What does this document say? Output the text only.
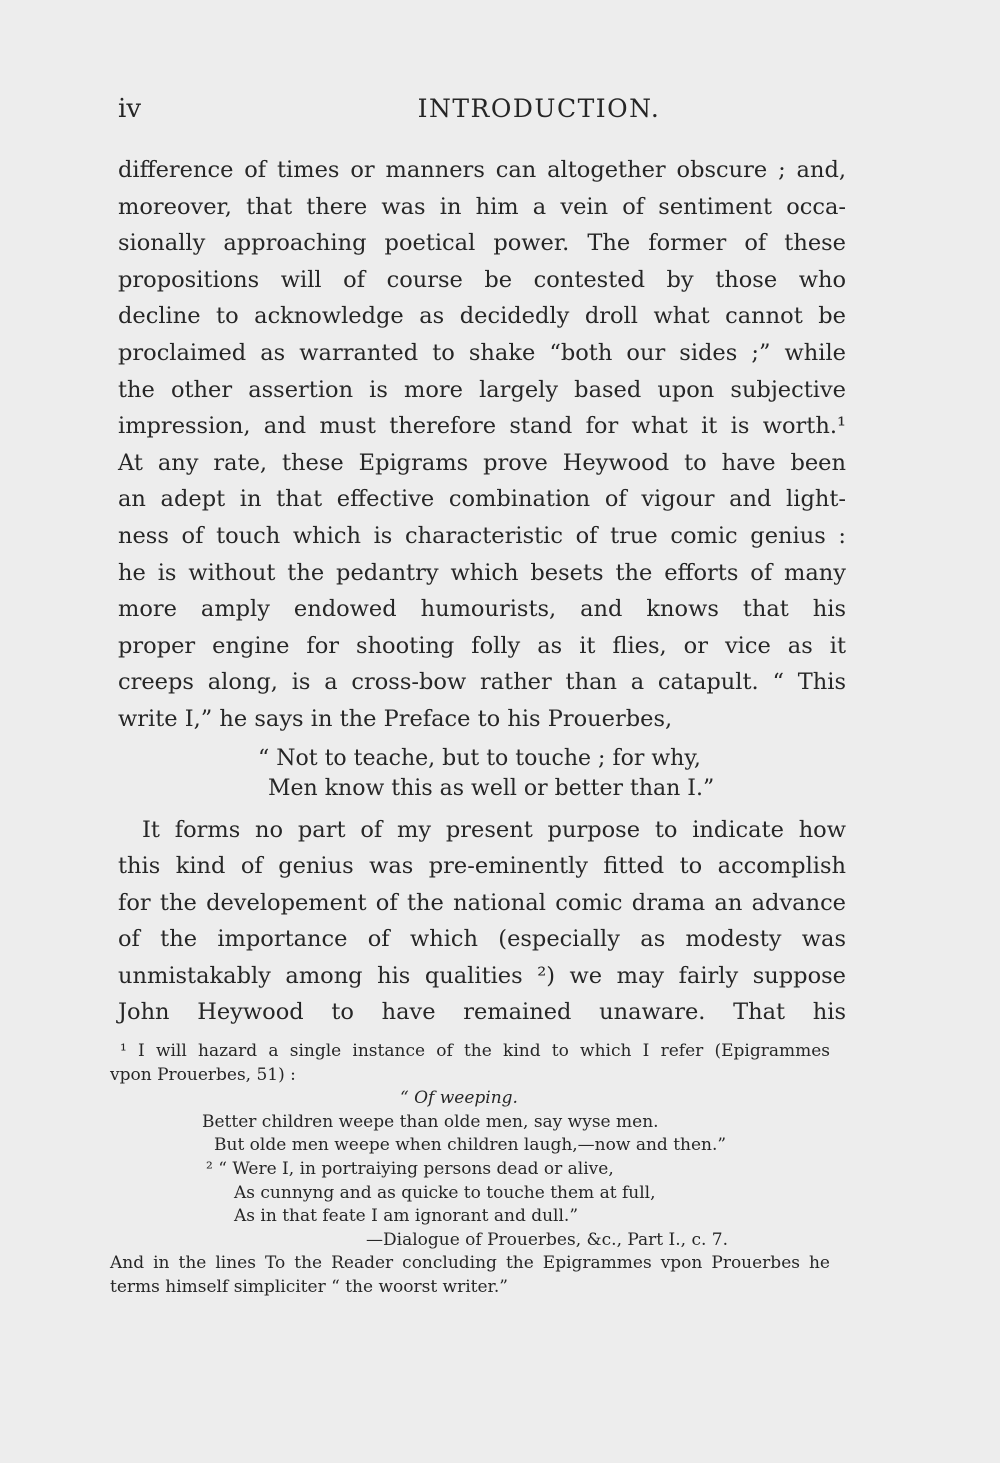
iv	INTRODUCTION.
difference of times or manners can altogether obscure ; and,
moreover, that there was in him a vein of sentiment occa-
sionally approaching poetical power. The former of these
propositions will of course be contested by those who
decline to acknowledge as decidedly droll what cannot be
proclaimed as warranted to shake “both our sides ;” while
the other assertion is more largely based upon subjective
impression, and must therefore stand for what it is worth.¹
At any rate, these Epigrams prove Heywood to have been
an adept in that effective combination of vigour and light-
ness of touch which is characteristic of true comic genius :
he is without the pedantry which besets the efforts of many
more amply endowed humourists, and knows that his
proper engine for shooting folly as it flies, or vice as it
creeps along, is a cross-bow rather than a catapult. “ This
write I,” he says in the Preface to his Prouerbes,
“ Not to teache, but to touche ; for why,
Men know this as well or better than I.”
It forms no part of my present purpose to indicate how
this kind of genius was pre-eminently fitted to accomplish
for the developement of the national comic drama an advance
of the importance of which (especially as modesty was
unmistakably among his qualities ²) we may fairly suppose
John Heywood to have remained unaware. That his
¹ I will hazard a single instance of the kind to which I refer (Epigrammes
vpon Prouerbes, 51) :
“ Of weeping.
Better children weepe than olde men, say wyse men.
But olde men weepe when children laugh,—now and then.”
² “ Were I, in portraiying persons dead or alive,
As cunnyng and as quicke to touche them at full,
As in that feate I am ignorant and dull.”
—Dialogue of Prouerbes, &c., Part I., c. 7.
And in the lines To the Reader concluding the Epigrammes vpon Prouerbes he
terms himself simpliciter “ the woorst writer.”
